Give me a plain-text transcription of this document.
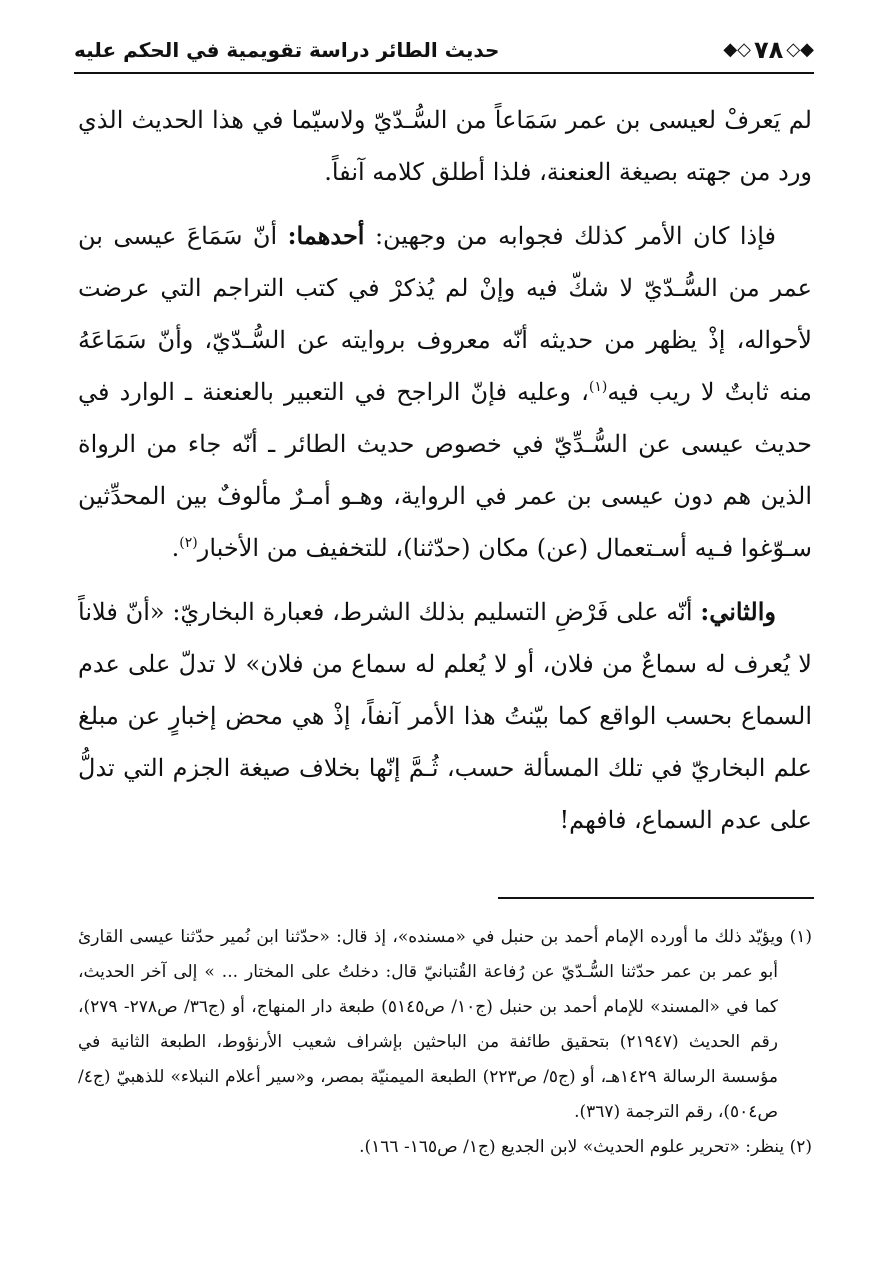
◆◇
٧٨
◇◆
حديث الطائر دراسة تقويمية في الحكم عليه

لم يَعرفْ لعيسى بن عمر سَمَاعاً من السُّـدّيّ ولاسيّما في هذا الحديث الذي ورد من جهته بصيغة العنعنة، فلذا أطلق كلامه آنفاً.

فإذا كان الأمر كذلك فجوابه من وجهين: أحدهما: أنّ سَمَاعَ عيسى بن عمر من السُّـدّيّ لا شكّ فيه وإنْ لم يُذكرْ في كتب التراجم التي عرضت لأحواله، إذْ يظهر من حديثه أنّه معروف بروايته عن السُّـدّيّ، وأنّ سَمَاعَهُ منه ثابتٌ لا ريب فيه$^{(١)}$، وعليه فإنّ الراجح في التعبير بالعنعنة ـ الوارد في حديث عيسى عن السُّـدِّيّ في خصوص حديث الطائر ـ أنّه جاء من الرواة الذين هم دون عيسى بن عمر في الرواية، وهـو أمـرٌ مألوفٌ بين المحدِّثين سـوّغوا فـيه أسـتعمال (عن) مكان (حدّثنا)، للتخفيف من الأخبار$^{(٢)}$.

والثاني: أنّه على فَرْضِ التسليم بذلك الشرط، فعبارة البخاريّ: «أنّ فلاناً لا يُعرف له سماعٌ من فلان، أو لا يُعلم له سماع من فلان» لا تدلّ على عدم السماع بحسب الواقع كما بيّنتُ هذا الأمر آنفاً، إذْ هي محض إخبارٍ عن مبلغ علم البخاريّ في تلك المسألة حسب، ثُـمَّ إنّها بخلاف صيغة الجزم التي تدلُّ على عدم السماع، فافهم!

(١) ويؤيّد ذلك ما أورده الإمام أحمد بن حنبل في «مسنده»، إذ قال: «حدّثنا ابن نُمير حدّثنا عيسى القارئ أبو عمر بن عمر حدّثنا السُّـدّيّ عن رُفاعة القُتبانيّ قال: دخلتُ على المختار ... » إلى آخر الحديث، كما في «المسند» للإمام أحمد بن حنبل (ج١٠/ ص٥١٤٥) طبعة دار المنهاج، أو (ج٣٦/ ص٢٧٨- ٢٧٩)، رقم الحديث (٢١٩٤٧) بتحقيق طائفة من الباحثين بإشراف شعيب الأرنؤوط، الطبعة الثانية في مؤسسة الرسالة ١٤٢٩هـ، أو (ج٥/ ص٢٢٣) الطبعة الميمنيّة بمصر، و«سير أعلام النبلاء» للذهبيّ (ج٤/ ص٥٠٤)، رقم الترجمة (٣٦٧).

(٢) ينظر: «تحرير علوم الحديث» لابن الجديع (ج١/ ص١٦٥- ١٦٦).
